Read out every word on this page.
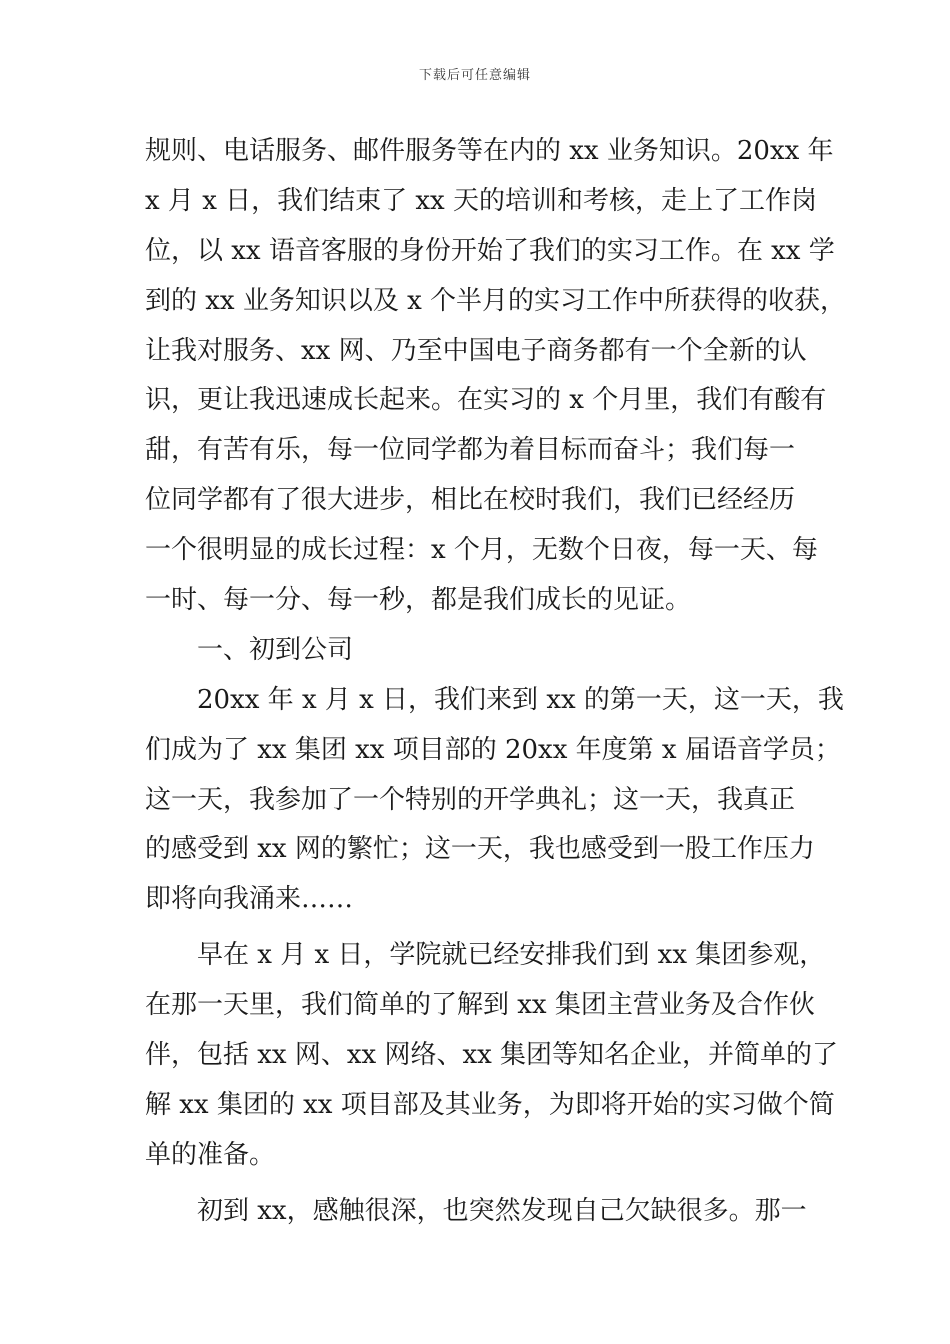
下载后可任意编辑
规则、电话服务、邮件服务等在内的 xx 业务知识。20xx 年
x 月 x 日，我们结束了 xx 天的培训和考核，走上了工作岗
位，以 xx 语音客服的身份开始了我们的实习工作。在 xx 学
到的 xx 业务知识以及 x 个半月的实习工作中所获得的收获，
让我对服务、xx 网、乃至中国电子商务都有一个全新的认
识，更让我迅速成长起来。在实习的 x 个月里，我们有酸有
甜，有苦有乐，每一位同学都为着目标而奋斗；我们每一
位同学都有了很大进步，相比在校时我们，我们已经经历
一个很明显的成长过程：x 个月，无数个日夜，每一天、每
一时、每一分、每一秒，都是我们成长的见证。
一、初到公司
20xx 年 x 月 x 日，我们来到 xx 的第一天，这一天，我
们成为了 xx 集团 xx 项目部的 20xx 年度第 x 届语音学员；
这一天，我参加了一个特别的开学典礼；这一天，我真正
的感受到 xx 网的繁忙；这一天，我也感受到一股工作压力
即将向我涌来……
早在 x 月 x 日，学院就已经安排我们到 xx 集团参观，
在那一天里，我们简单的了解到 xx 集团主营业务及合作伙
伴，包括 xx 网、xx 网络、xx 集团等知名企业，并简单的了
解 xx 集团的 xx 项目部及其业务，为即将开始的实习做个简
单的准备。
初到 xx，感触很深，也突然发现自己欠缺很多。那一
